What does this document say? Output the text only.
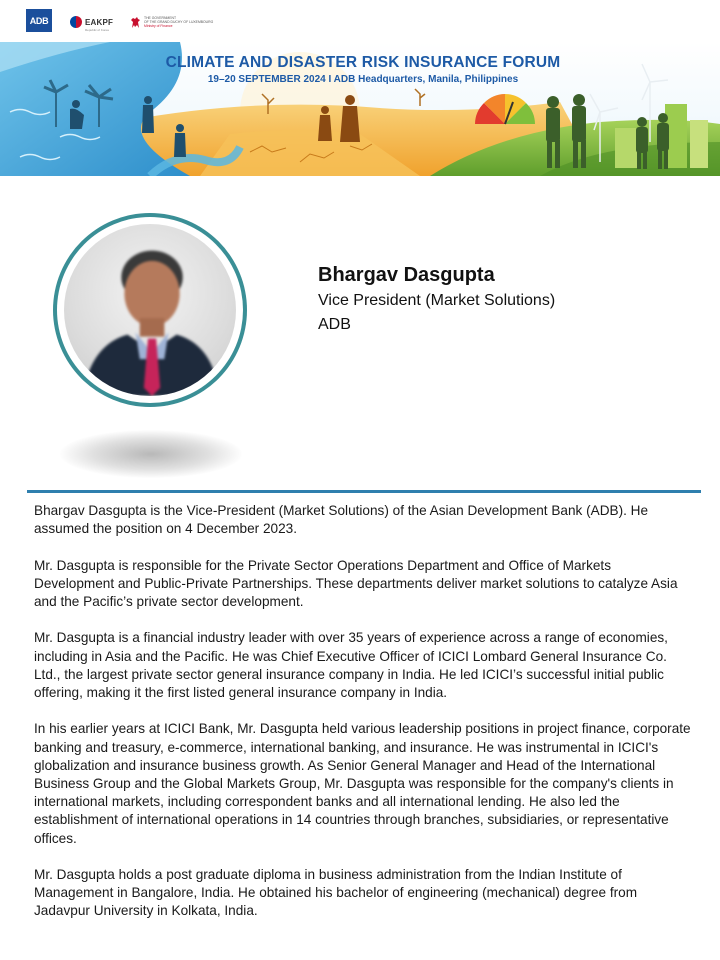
ADB	EAKPF
Republic of Korea
THE GOVERNMENT
OF THE GRAND DUCHY OF LUXEMBOURG
Ministry of Finance
CLIMATE AND DISASTER RISK INSURANCE FORUM
19–20 SEPTEMBER 2024 I ADB Headquarters, Manila, Philippines
Bhargav Dasgupta
Vice President (Market Solutions)
ADB

Bhargav Dasgupta is the Vice-President (Market Solutions) of the Asian Development Bank (ADB). He assumed the position on 4 December 2023.

Mr. Dasgupta is responsible for the Private Sector Operations Department and Office of Markets Development and Public-Private Partnerships. These departments deliver market solutions to catalyze Asia and the Pacific’s private sector development.

Mr. Dasgupta is a financial industry leader with over 35 years of experience across a range of economies, including in Asia and the Pacific. He was Chief Executive Officer of ICICI Lombard General Insurance Co. Ltd., the largest private sector general insurance company in India. He led ICICI’s successful initial public offering, making it the first listed general insurance company in India.

In his earlier years at ICICI Bank, Mr. Dasgupta held various leadership positions in project finance, corporate banking and treasury, e-commerce, international banking, and insurance. He was instrumental in ICICI's globalization and insurance business growth. As Senior General Manager and Head of the International Business Group and the Global Markets Group, Mr. Dasgupta was responsible for the company's clients in international markets, including correspondent banks and all international lending. He also led the establishment of international operations in 14 countries through branches, subsidiaries, or representative offices.

Mr. Dasgupta holds a post graduate diploma in business administration from the Indian Institute of Management in Bangalore, India. He obtained his bachelor of engineering (mechanical) degree from Jadavpur University in Kolkata, India.
